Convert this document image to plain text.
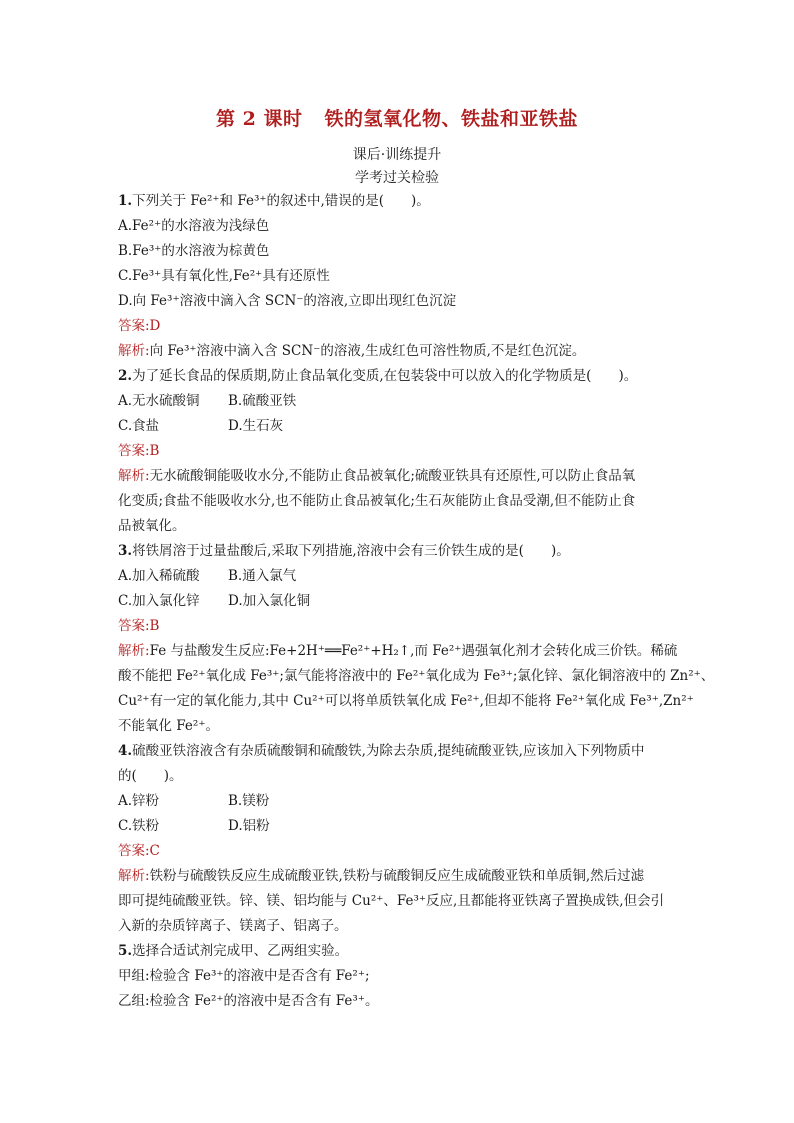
第 2 课时 铁的氢氧化物、铁盐和亚铁盐
课后·训练提升
学考过关检验
1.下列关于 Fe²⁺和 Fe³⁺的叙述中,错误的是(　　)。
A.Fe²⁺的水溶液为浅绿色
B.Fe³⁺的水溶液为棕黄色
C.Fe³⁺具有氧化性,Fe²⁺具有还原性
D.向 Fe³⁺溶液中滴入含 SCN⁻的溶液,立即出现红色沉淀
答案:D
解析:向 Fe³⁺溶液中滴入含 SCN⁻的溶液,生成红色可溶性物质,不是红色沉淀。
2.为了延长食品的保质期,防止食品氧化变质,在包装袋中可以放入的化学物质是(　　)。
A.无水硫酸铜 B.硫酸亚铁
C.食盐	D.生石灰
答案:B
解析:无水硫酸铜能吸收水分,不能防止食品被氧化;硫酸亚铁具有还原性,可以防止食品氧
化变质;食盐不能吸收水分,也不能防止食品被氧化;生石灰能防止食品受潮,但不能防止食
品被氧化。
3.将铁屑溶于过量盐酸后,采取下列措施,溶液中会有三价铁生成的是(　　)。
A.加入稀硫酸 B.通入氯气
C.加入氯化锌 D.加入氯化铜
答案:B
解析:Fe 与盐酸发生反应:Fe+2H⁺══Fe²⁺+H₂↑,而 Fe²⁺遇强氧化剂才会转化成三价铁。稀硫
酸不能把 Fe²⁺氧化成 Fe³⁺;氯气能将溶液中的 Fe²⁺氧化成为 Fe³⁺;氯化锌、氯化铜溶液中的 Zn²⁺、
Cu²⁺有一定的氧化能力,其中 Cu²⁺可以将单质铁氧化成 Fe²⁺,但却不能将 Fe²⁺氧化成 Fe³⁺,Zn²⁺
不能氧化 Fe²⁺。
4.硫酸亚铁溶液含有杂质硫酸铜和硫酸铁,为除去杂质,提纯硫酸亚铁,应该加入下列物质中
的(　　)。
A.锌粉	B.镁粉
C.铁粉	D.铝粉
答案:C
解析:铁粉与硫酸铁反应生成硫酸亚铁,铁粉与硫酸铜反应生成硫酸亚铁和单质铜,然后过滤
即可提纯硫酸亚铁。锌、镁、铝均能与 Cu²⁺、Fe³⁺反应,且都能将亚铁离子置换成铁,但会引
入新的杂质锌离子、镁离子、铝离子。
5.选择合适试剂完成甲、乙两组实验。
甲组:检验含 Fe³⁺的溶液中是否含有 Fe²⁺;
乙组:检验含 Fe²⁺的溶液中是否含有 Fe³⁺。
